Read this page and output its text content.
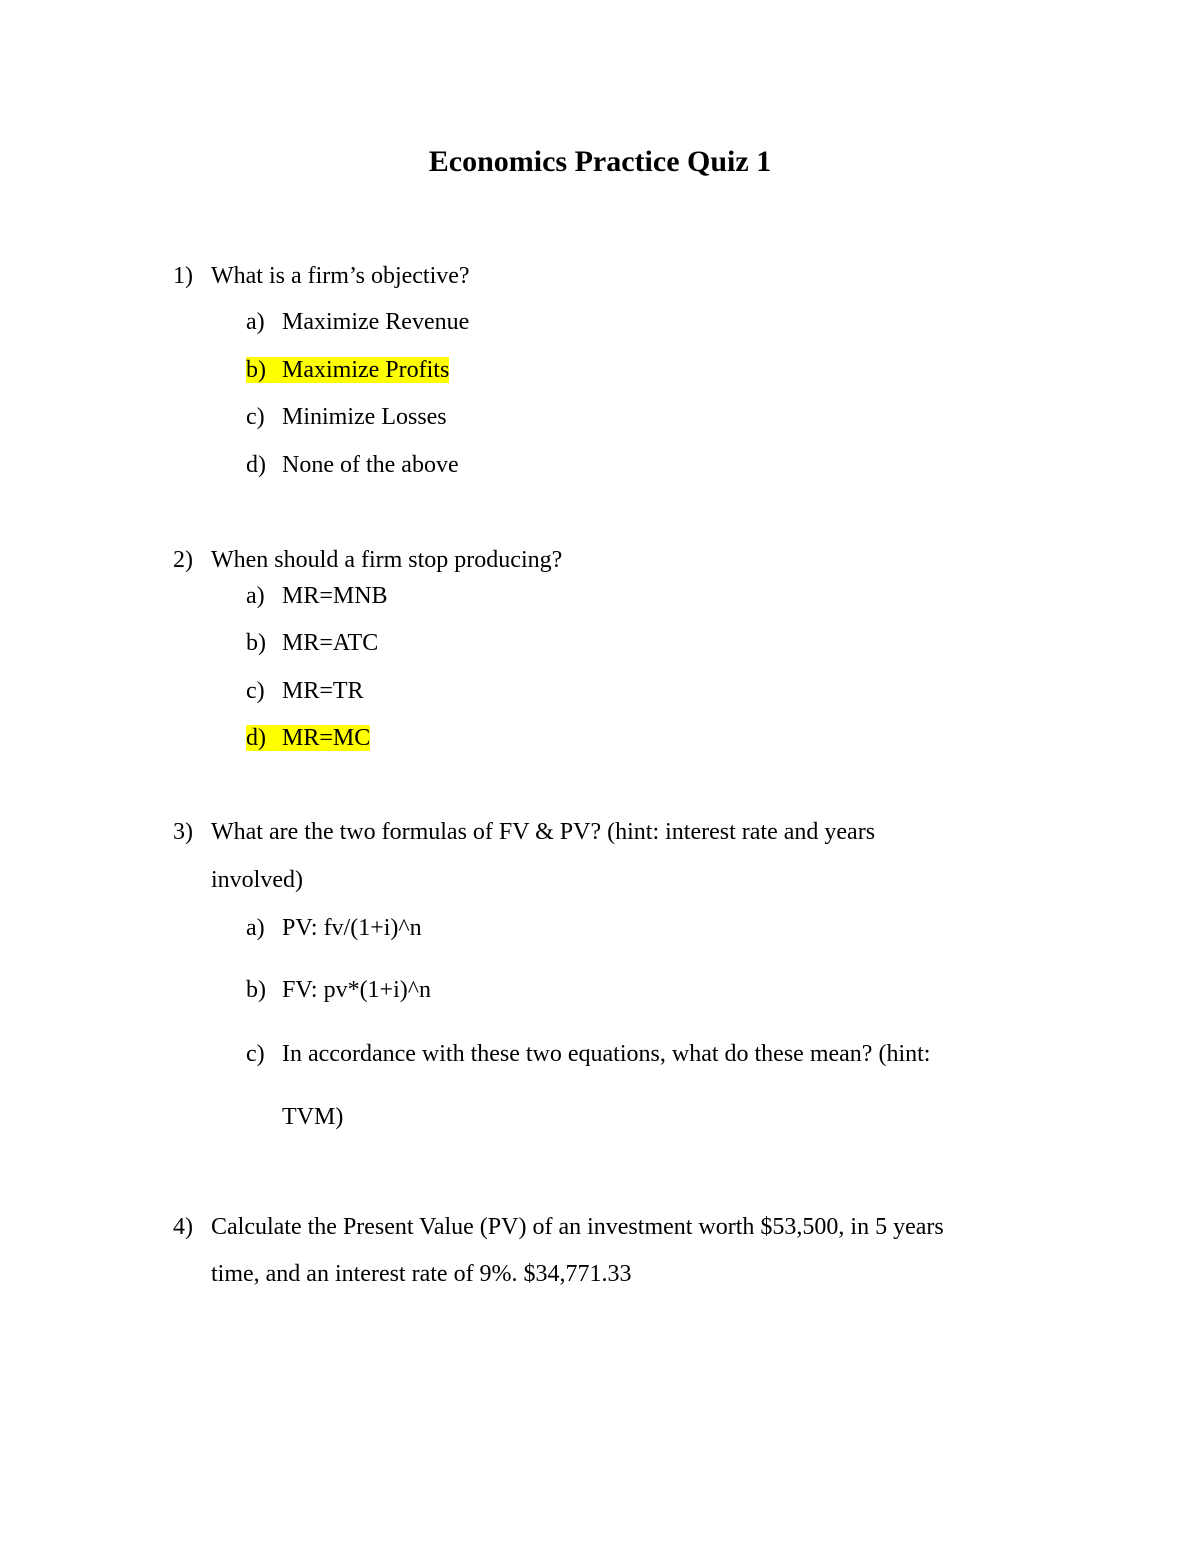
Economics Practice Quiz 1
1) What is a firm’s objective?
a) Maximize Revenue
b) Maximize Profits
c) Minimize Losses
d) None of the above
2) When should a firm stop producing?
a) MR=MNB
b) MR=ATC
c) MR=TR
d) MR=MC
3) What are the two formulas of FV & PV? (hint: interest rate and years
involved)
a) PV: fv/(1+i)^n
b) FV: pv*(1+i)^n
c) In accordance with these two equations, what do these mean? (hint:
TVM)
4) Calculate the Present Value (PV) of an investment worth $53,500, in 5 years
time, and an interest rate of 9%. $34,771.33
